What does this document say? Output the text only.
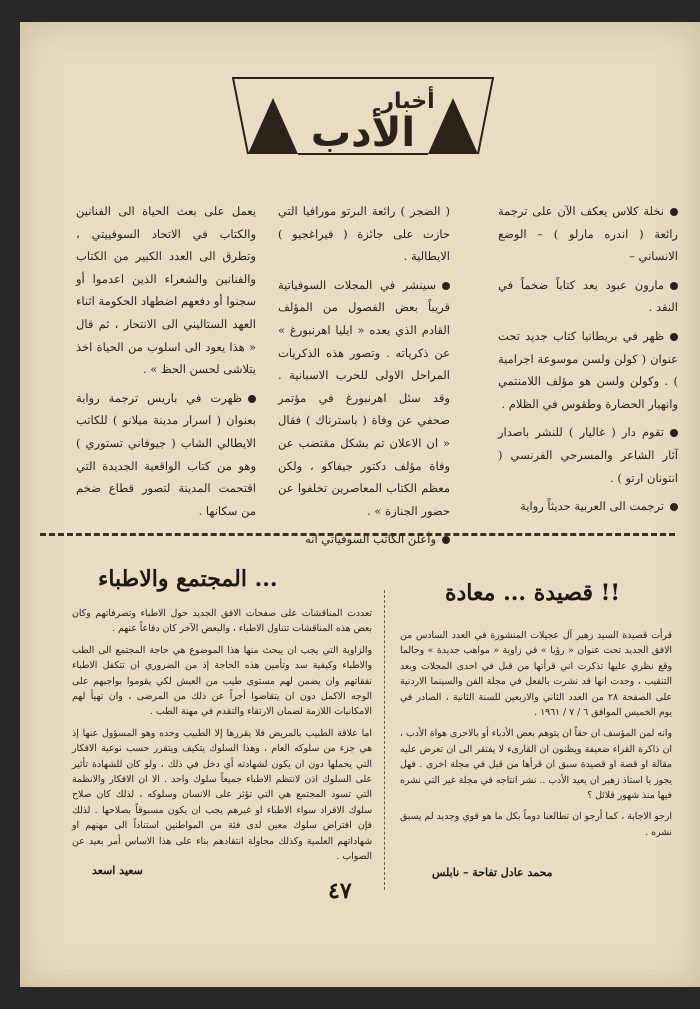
أخبار
الأدب

نخلة كلاس يعكف الآن على ترجمة رائعة ( اندره مارلو ) – الوضع الانساني –

مارون عبود يعد كتاباً ضخماً في النقد .

ظهر في بريطانيا كتاب جديد تحت عنوان ( كولن ولسن موسوعة اجرامية ) . وكولن ولسن هو مؤلف اللامنتمي وانهيار الحضارة وطقوس في الظلام .

تقوم دار ( غاليار ) للنشر باصدار آثار الشاعر والمسرحي الفرنسي ( انتونان ارتو ) .

ترجمت الى العربية حديثاً رواية

( الضجر ) رائعة البرتو مورافيا التي حازت على جائزة ( فيراغجيو ) الايطالية .

سينشر في المجلات السوفياتية قريباً بعض الفصول من المؤلف القادم الذي يعده « ايليا اهرنبورغ » عن ذكرياته . وتصور هذه الذكريات المراحل الاولى للحرب الاسبانية . وقد سئل اهرنبورغ في مؤتمر صحفي عن وفاة ( باسترناك ) فقال « ان الاعلان تم بشكل مقتضب عن وفاة مؤلف دكتور جيفاكو ، ولكن معظم الكتاب المعاصرين تخلفوا عن حضور الجنازة » .

وأعلن الكاتب السوفياتي انه

يعمل على بعث الحياة الى الفنانين والكتاب في الاتحاد السوفييتي ، وتطرق الى العدد الكبير من الكتاب والفنانين والشعراء الذين اعدموا أو سجنوا أو دفعهم اضطهاد الحكومة اثناء العهد الستاليني الى الانتحار ، ثم قال « هذا يعود الى اسلوب من الحياة اخذ يتلاشى لحسن الحظ » .

ظهرت في باريس ترجمة رواية بعنوان ( اسرار مدينة ميلانو ) للكاتب الايطالي الشاب ( جيوفاني تستوري ) وهو من كتاب الواقعية الجديدة التي اقتحمت المدينة لتصور قطاع ضخم من سكانها .

قصيدة ... معادة !!

قرأت قصيدة السيد زهير آل عجيلات المنشورة في العدد السادس من الافق الجديد تحت عنوان « رؤيا » في زاوية « مواهب جديدة » وحالما وقع نظري عليها تذكرت اني قرأتها من قبل في احدى المجلات وبعد التنقيب ، وجدت انها قد نشرت بالفعل في مجلة الفن والسينما الاردنية على الصفحة ٢٨ من العدد الثاني والاربعين للسنة الثانية ، الصادر في يوم الخميس الموافق ٦ / ٧ / ١٩٦١ .

وانه لمن المؤسف ان حقاً ان يتوهم بعض الأدباء أو بالاحرى هواة الأدب ، ان ذاكرة القراء ضعيفة ويظنون ان القارىء لا يفتقر الى ان تعرض عليه مقالة او قصة او قصيدة سبق ان قرأها من قبل في مجلة اخرى . فهل يجوز يا استاذ زهير ان يعيد الأدب .. نشر انتاجه في مجلة غير التي نشره فيها منذ شهور قلائل ؟

ارجو الاجابة ، كما أرجو ان تطالعنا دوماً بكل ما هو قوي وجديد لم يسبق نشره .

محمد عادل تفاحة – نابلس
المجتمع والاطباء ...

تعددت المناقشات على صفحات الافق الجديد حول الاطباء وتصرفاتهم وكان بعض هذه المناقشات تتناول الاطباء ، والبعض الآخر كان دفاعاً عنهم .

والزاوية التي يجب ان يبحث منها هذا الموضوع هي حاجة المجتمع الى الطب والاطباء وكيفية سد وتأمين هذه الحاجة إذ من الضروري ان تتكفل الاطباء نفقاتهم وان يضمن لهم مستوى طيب من العيش لكي يقوموا بواجبهم على الوجه الاكمل دون ان يتقاضوا أجراً عن ذلك من المرضى ، وان تهيأ لهم الامكانيات اللازمة لضمان الارتقاء والتقدم في مهنة الطب .

اما علاقة الطبيب بالمريض فلا يقررها إلا الطبيب وحده وهو المسؤول عنها إذ هي جزء من سلوكه العام ، وهذا السلوك يتكيف ويتقرر حسب نوعية الافكار التي يحملها دون ان يكون لشهادته أي دخل في ذلك ، ولو كان للشهادة تأثير على السلوك اذن لانتظم الاطباء جميعاً سلوك واحد . الا ان الافكار والانظمة التي تسود المجتمع هي التي تؤثر على الانسان وسلوكه ، لذلك كان صلاح سلوك الافراد سواء الاطباء او غيرهم يجب ان يكون مسبوقاً بصلاحها . لذلك فإن افتراض سلوك معين لدى فئة من المواطنين استناداً الى مهنهم او شهاداتهم العلمية وكذلك محاولة انتقادهم بناء على هذا الاساس أمر بعيد عن الصواب .

سعيد اسعد
٤٧
